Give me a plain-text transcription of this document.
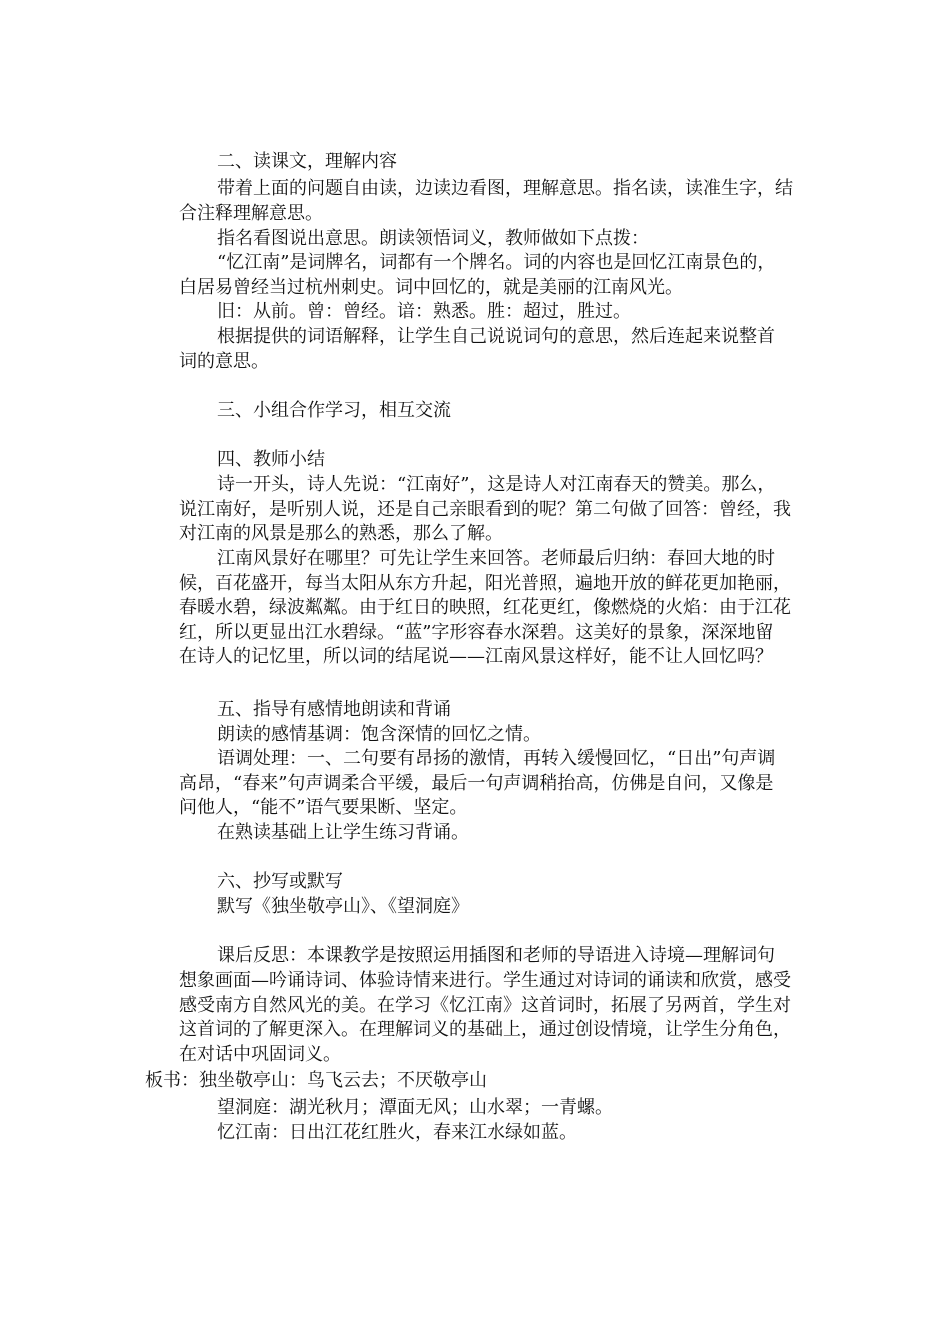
二、读课文，理解内容
带着上面的问题自由读，边读边看图，理解意思。指名读，读准生字，结
合注释理解意思。
指名看图说出意思。朗读领悟词义，教师做如下点拨：
“忆江南”是词牌名，词都有一个牌名。词的内容也是回忆江南景色的，
白居易曾经当过杭州刺史。词中回忆的，就是美丽的江南风光。
旧：从前。曾：曾经。谙：熟悉。胜：超过，胜过。
根据提供的词语解释，让学生自己说说词句的意思，然后连起来说整首
词的意思。
三、小组合作学习，相互交流
四、教师小结
诗一开头，诗人先说：“江南好”，这是诗人对江南春天的赞美。那么，
说江南好，是听别人说，还是自己亲眼看到的呢？第二句做了回答：曾经，我
对江南的风景是那么的熟悉，那么了解。
江南风景好在哪里？可先让学生来回答。老师最后归纳：春回大地的时
候，百花盛开，每当太阳从东方升起，阳光普照，遍地开放的鲜花更加艳丽，
春暖水碧，绿波粼粼。由于红日的映照，红花更红，像燃烧的火焰：由于江花
红，所以更显出江水碧绿。“蓝”字形容春水深碧。这美好的景象，深深地留
在诗人的记忆里，所以词的结尾说——江南风景这样好，能不让人回忆吗？
五、指导有感情地朗读和背诵
朗读的感情基调：饱含深情的回忆之情。
语调处理：一、二句要有昂扬的激情，再转入缓慢回忆，“日出”句声调
高昂，“春来”句声调柔合平缓，最后一句声调稍抬高，仿佛是自问，又像是
问他人，“能不”语气要果断、坚定。
在熟读基础上让学生练习背诵。
六、抄写或默写
默写《独坐敬亭山》、《望洞庭》
课后反思：本课教学是按照运用插图和老师的导语进入诗境—理解词句
想象画面—吟诵诗词、体验诗情来进行。学生通过对诗词的诵读和欣赏，感受
感受南方自然风光的美。在学习《忆江南》这首词时，拓展了另两首，学生对
这首词的了解更深入。在理解词义的基础上，通过创设情境，让学生分角色，
在对话中巩固词义。
板书：独坐敬亭山：鸟飞云去；不厌敬亭山
望洞庭：湖光秋月；潭面无风；山水翠；一青螺。
忆江南：日出江花红胜火，春来江水绿如蓝。
